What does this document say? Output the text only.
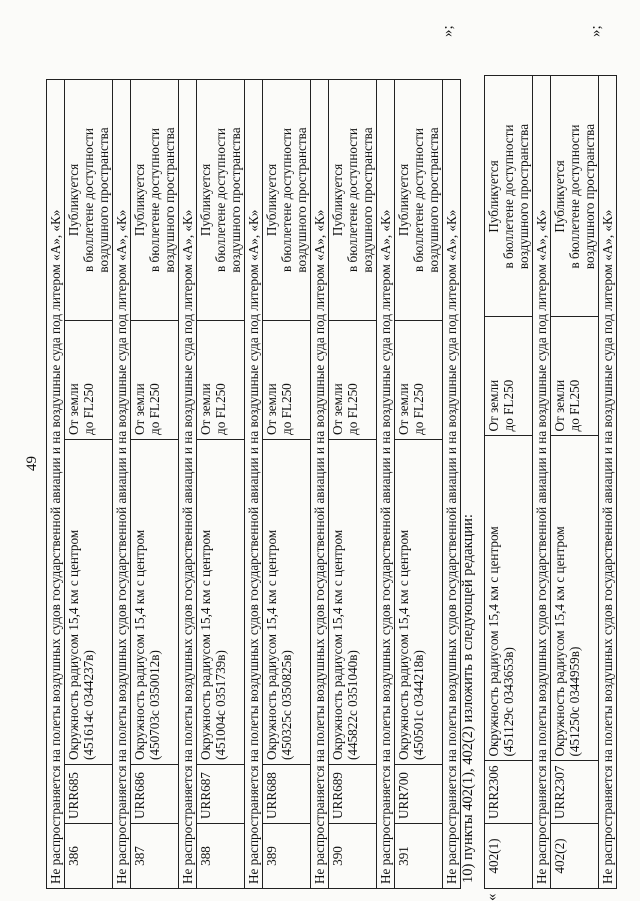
49 Не распространяется на полеты воздушных судов государственной авиации и на воздушные суда под литером «А», «К»				
386	URR685	Окружность радиусом 15,4 км с центром (451614с 0344237в)	От земли до FL250	Публикуется в бюллетене доступности воздушного пространства

Не распространяется на полеты воздушных судов государственной авиации и на воздушные суда под литером «А», «К»				
387	URR686	Окружность радиусом 15,4 км с центром (450703с 0350012в)	От земли до FL250	Публикуется в бюллетене доступности воздушного пространства

Не распространяется на полеты воздушных судов государственной авиации и на воздушные суда под литером «А», «К»				
388	URR687	Окружность радиусом 15,4 км с центром (451004с 0351739в)	От земли до FL250	Публикуется в бюллетене доступности воздушного пространства

Не распространяется на полеты воздушных судов государственной авиации и на воздушные суда под литером «А», «К»				
389	URR688	Окружность радиусом 15,4 км с центром (450325с 0350825в)	От земли до FL250	Публикуется в бюллетене доступности воздушного пространства

Не распространяется на полеты воздушных судов государственной авиации и на воздушные суда под литером «А», «К»				
390	URR689	Окружность радиусом 15,4 км с центром (445822с 0351040в)	От земли до FL250	Публикуется в бюллетене доступности воздушного пространства

Не распространяется на полеты воздушных судов государственной авиации и на воздушные суда под литером «А», «К»				
391	URR700	Окружность радиусом 15,4 км с центром (450501с 0344218в)	От земли до FL250	Публикуется в бюллетене доступности воздушного пространства

Не распространяется на полеты воздушных судов государственной авиации и на воздушные суда под литером «А», «К»				
»;
10) пункты 402(1), 402(2) изложить в следующей редакции:
«
402(1)	URR2306	Окружность радиусом 15,4 км с центром (451129с 0343653в)	От земли до FL250	Публикуется в бюллетене доступности воздушного пространства

Не распространяется на полеты воздушных судов государственной авиации и на воздушные суда под литером «А», «К»				
402(2)	URR2307	Окружность радиусом 15,4 км с центром (451250с 0344959в)	От земли до FL250	Публикуется в бюллетене доступности воздушного пространства

Не распространяется на полеты воздушных судов государственной авиации и на воздушные суда под литером «А», «К»				
»;
